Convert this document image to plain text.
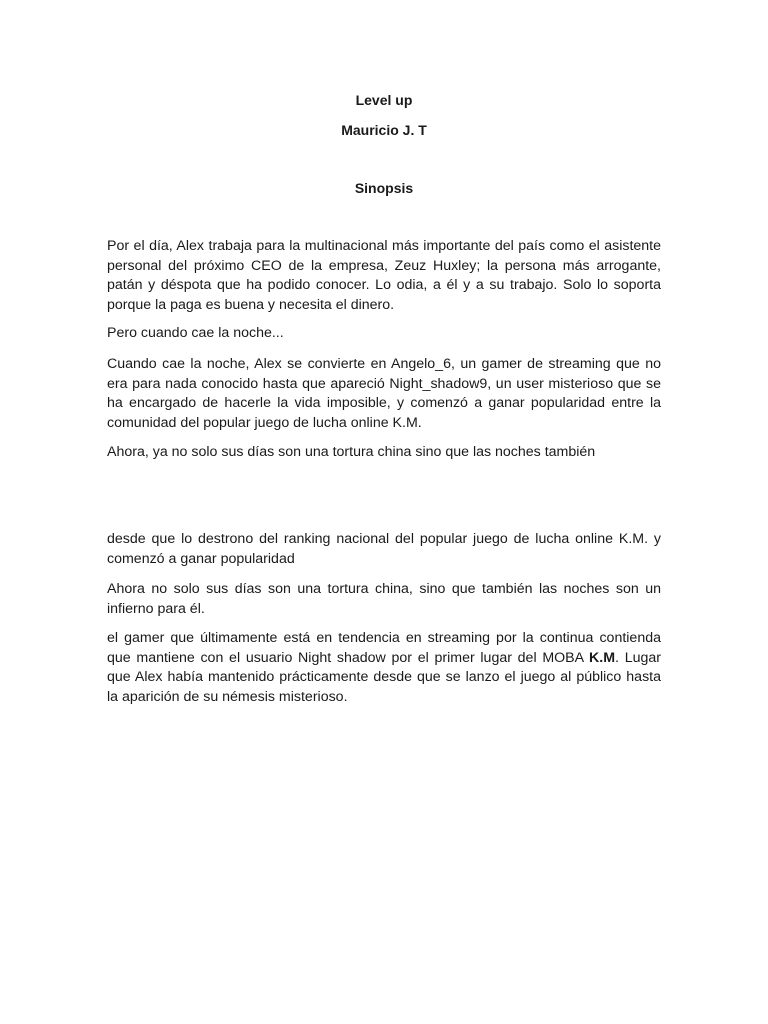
Level up
Mauricio J. T
Sinopsis

Por el día, Alex trabaja para la multinacional más importante del país como el asistente personal del próximo CEO de la empresa, Zeuz Huxley; la persona más arrogante, patán y déspota que ha podido conocer. Lo odia, a él y a su trabajo. Solo lo soporta porque la paga es buena y necesita el dinero.

Pero cuando cae la noche...

Cuando cae la noche, Alex se convierte en Angelo_6, un gamer de streaming que no era para nada conocido hasta que apareció Night_shadow9, un user misterioso que se ha encargado de hacerle la vida imposible, y comenzó a ganar popularidad entre la comunidad del popular juego de lucha online K.M.

Ahora, ya no solo sus días son una tortura china sino que las noches también

desde que lo destrono del ranking nacional del popular juego de lucha online K.M. y comenzó a ganar popularidad

Ahora no solo sus días son una tortura china, sino que también las noches son un infierno para él.

el gamer que últimamente está en tendencia en streaming por la continua contienda que mantiene con el usuario Night shadow por el primer lugar del MOBA K.M. Lugar que Alex había mantenido prácticamente desde que se lanzo el juego al público hasta la aparición de su némesis misterioso.
